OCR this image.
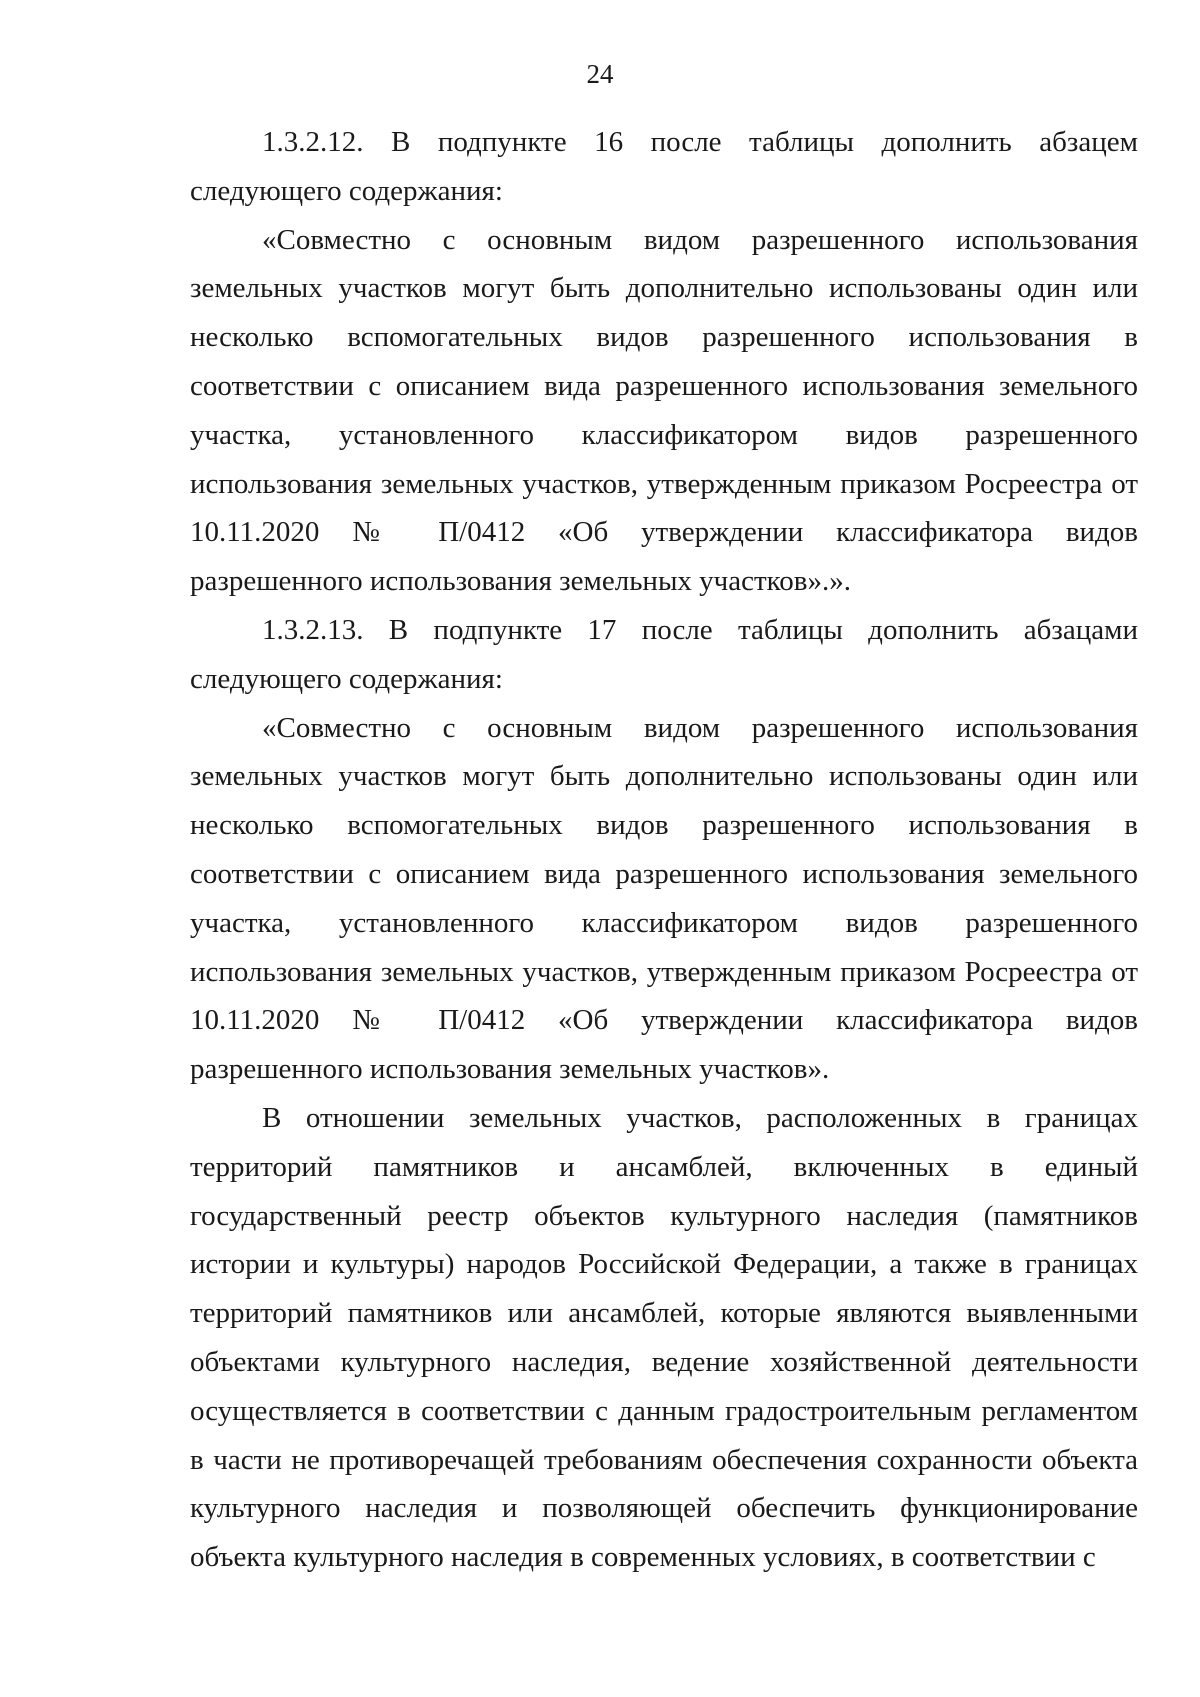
24

1.3.2.12. В подпункте 16 после таблицы дополнить абзацем следующего содержания:

«Совместно с основным видом разрешенного использования земельных участков могут быть дополнительно использованы один или несколько вспомогательных видов разрешенного использования в соответствии с описанием вида разрешенного использования земельного участка, установленного классификатором видов разрешенного использования земельных участков, утвержденным приказом Росреестра от 10.11.2020 № П/0412 «Об утверждении классификатора видов разрешенного использования земельных участков».».

1.3.2.13. В подпункте 17 после таблицы дополнить абзацами следующего содержания:

«Совместно с основным видом разрешенного использования земельных участков могут быть дополнительно использованы один или несколько вспомогательных видов разрешенного использования в соответствии с описанием вида разрешенного использования земельного участка, установленного классификатором видов разрешенного использования земельных участков, утвержденным приказом Росреестра от 10.11.2020 № П/0412 «Об утверждении классификатора видов разрешенного использования земельных участков».

В отношении земельных участков, расположенных в границах территорий памятников и ансамблей, включенных в единый государственный реестр объектов культурного наследия (памятников истории и культуры) народов Российской Федерации, а также в границах территорий памятников или ансамблей, которые являются выявленными объектами культурного наследия, ведение хозяйственной деятельности осуществляется в соответствии с данным градостроительным регламентом в части не противоречащей требованиям обеспечения сохранности объекта культурного наследия и позволяющей обеспечить функционирование объекта культурного наследия в современных условиях, в соответствии с
